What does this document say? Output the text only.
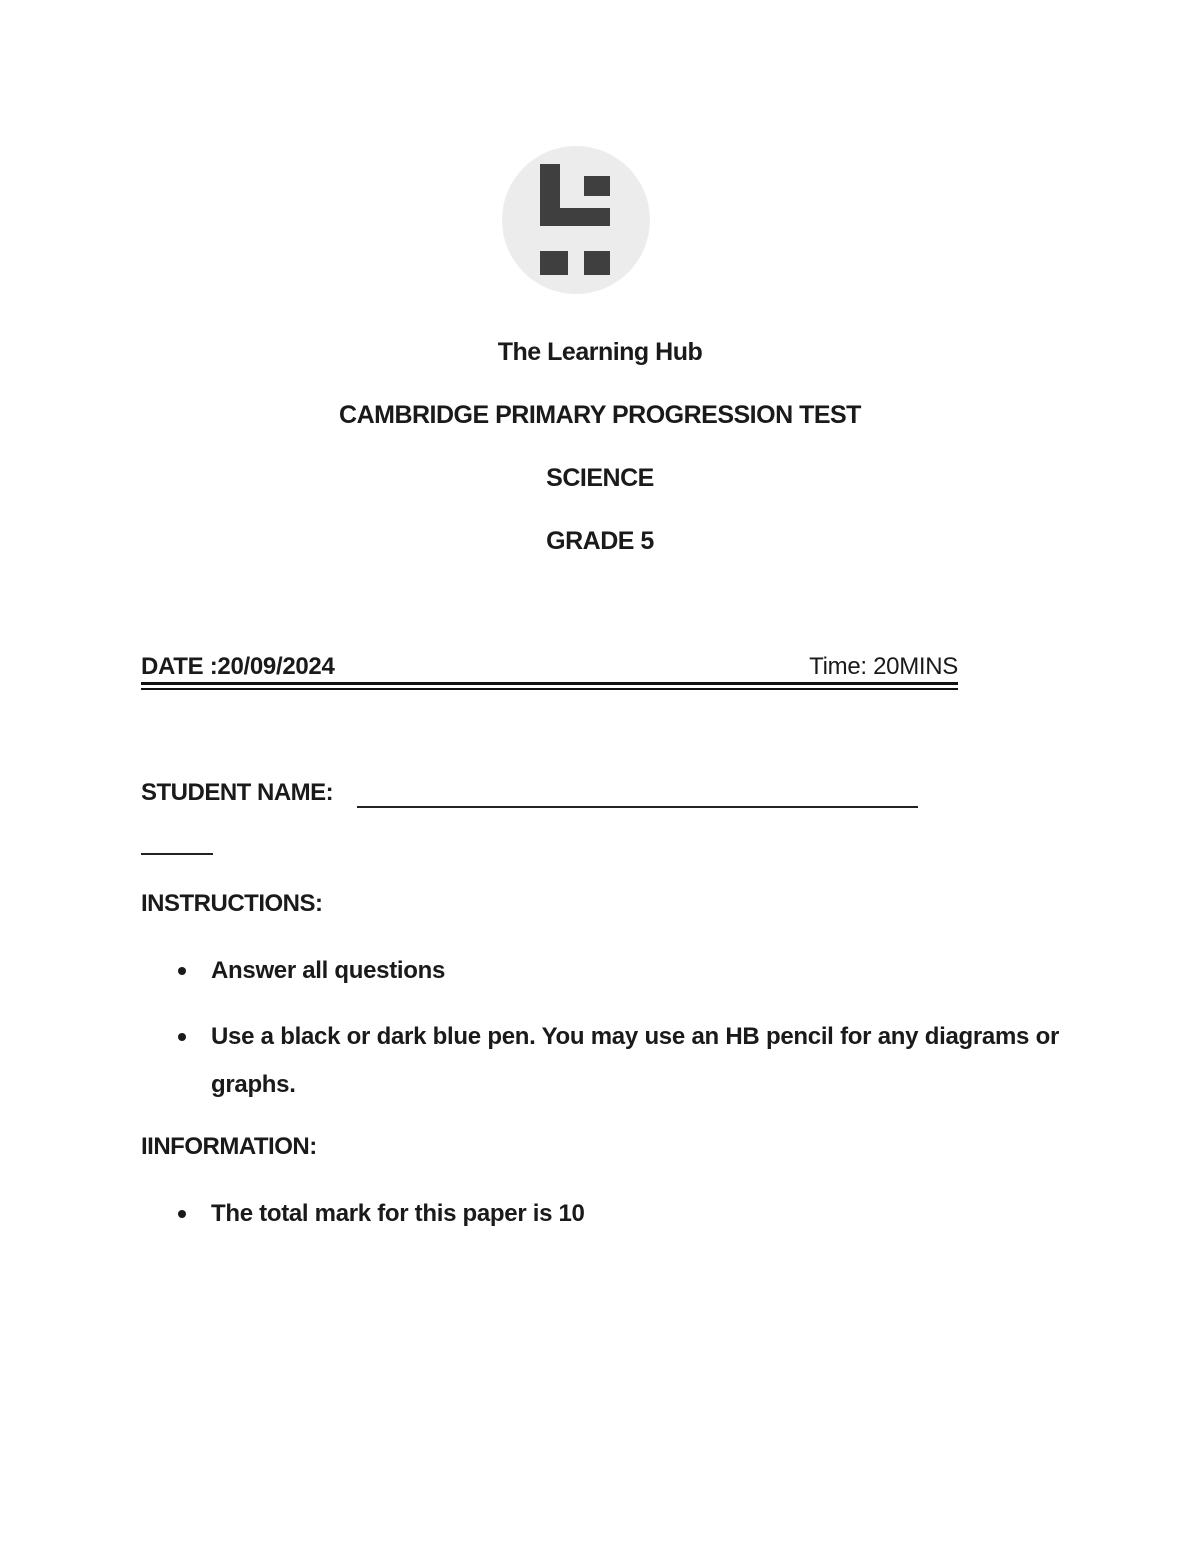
The Learning Hub
CAMBRIDGE PRIMARY PROGRESSION TEST
SCIENCE
GRADE 5
DATE :20/09/2024	Time: 20MINS
STUDENT NAME:
INSTRUCTIONS:
Answer all questions
Use a black or dark blue pen. You may use an HB pencil for any diagrams or graphs.
IINFORMATION:
The total mark for this paper is 10
